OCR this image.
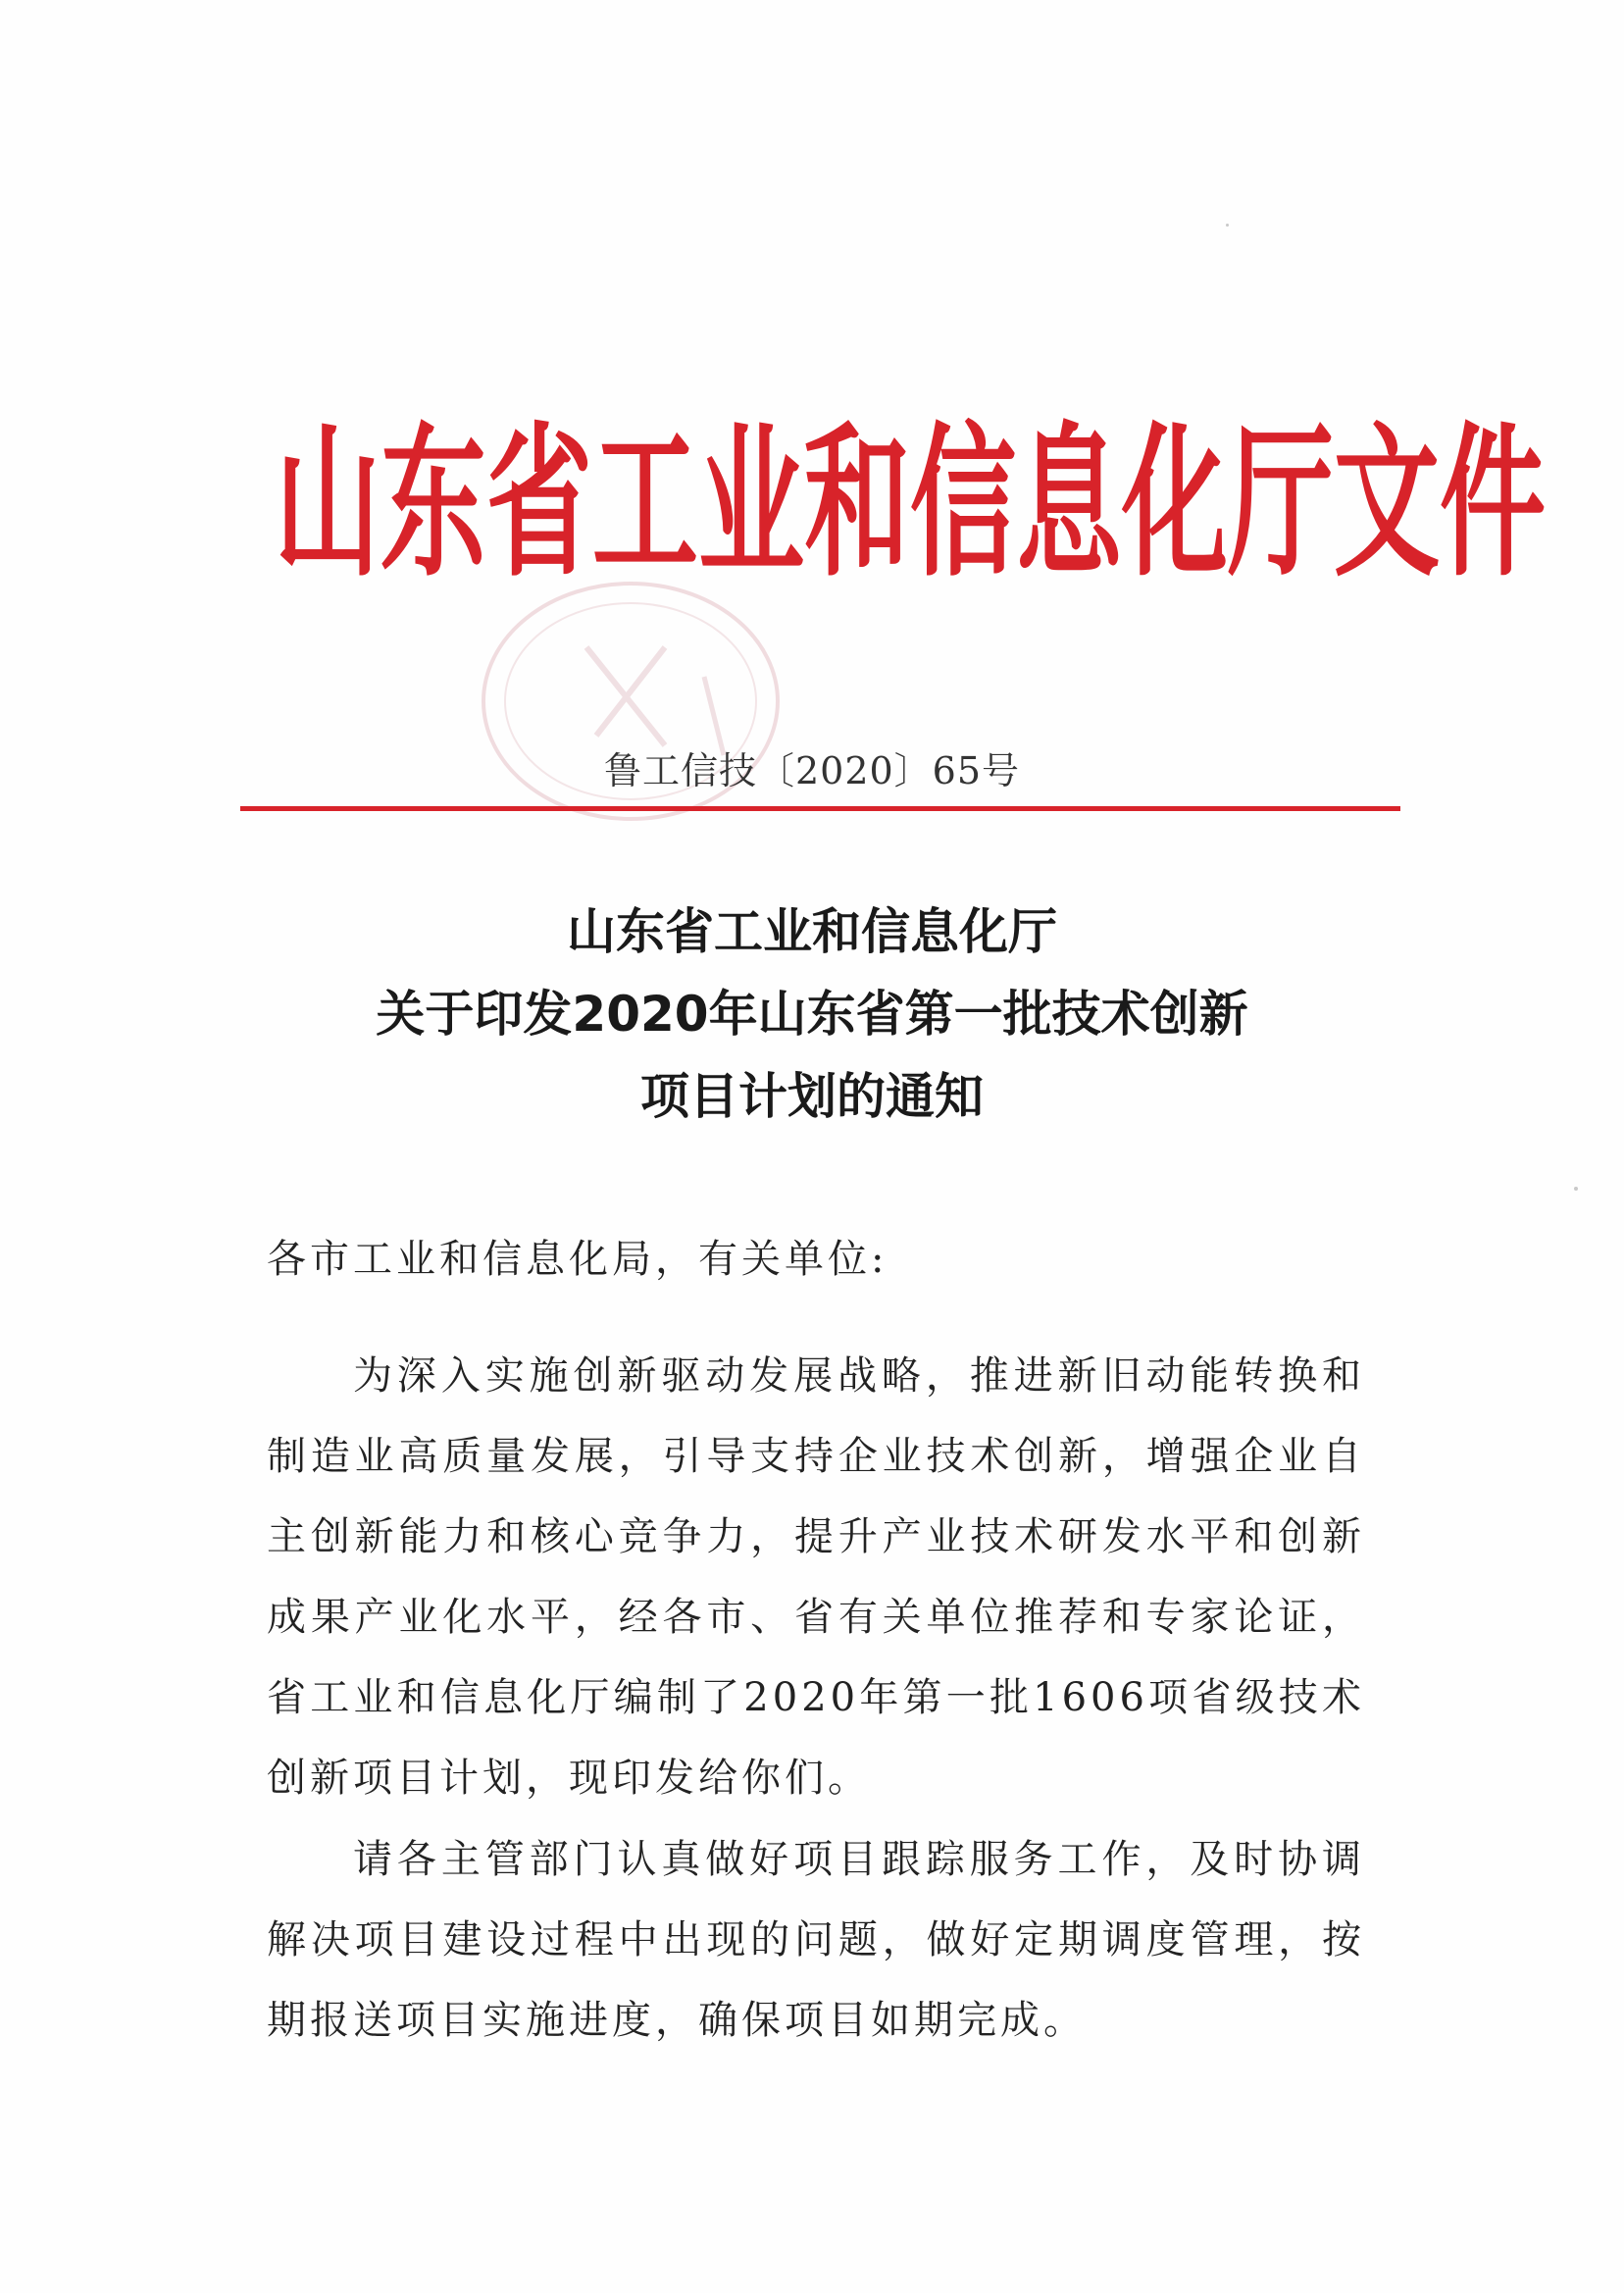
山东省工业和信息化厅文件
鲁工信技〔2020〕65号
山东省工业和信息化厅
关于印发2020年山东省第一批技术创新
项目计划的通知
各市工业和信息化局，有关单位:

为深入实施创新驱动发展战略，推进新旧动能转换和制造业高质量发展，引导支持企业技术创新，增强企业自主创新能力和核心竞争力，提升产业技术研发水平和创新成果产业化水平，经各市、省有关单位推荐和专家论证，省工业和信息化厅编制了2020年第一批1606项省级技术创新项目计划，现印发给你们。

请各主管部门认真做好项目跟踪服务工作，及时协调解决项目建设过程中出现的问题，做好定期调度管理，按期报送项目实施进度，确保项目如期完成。
